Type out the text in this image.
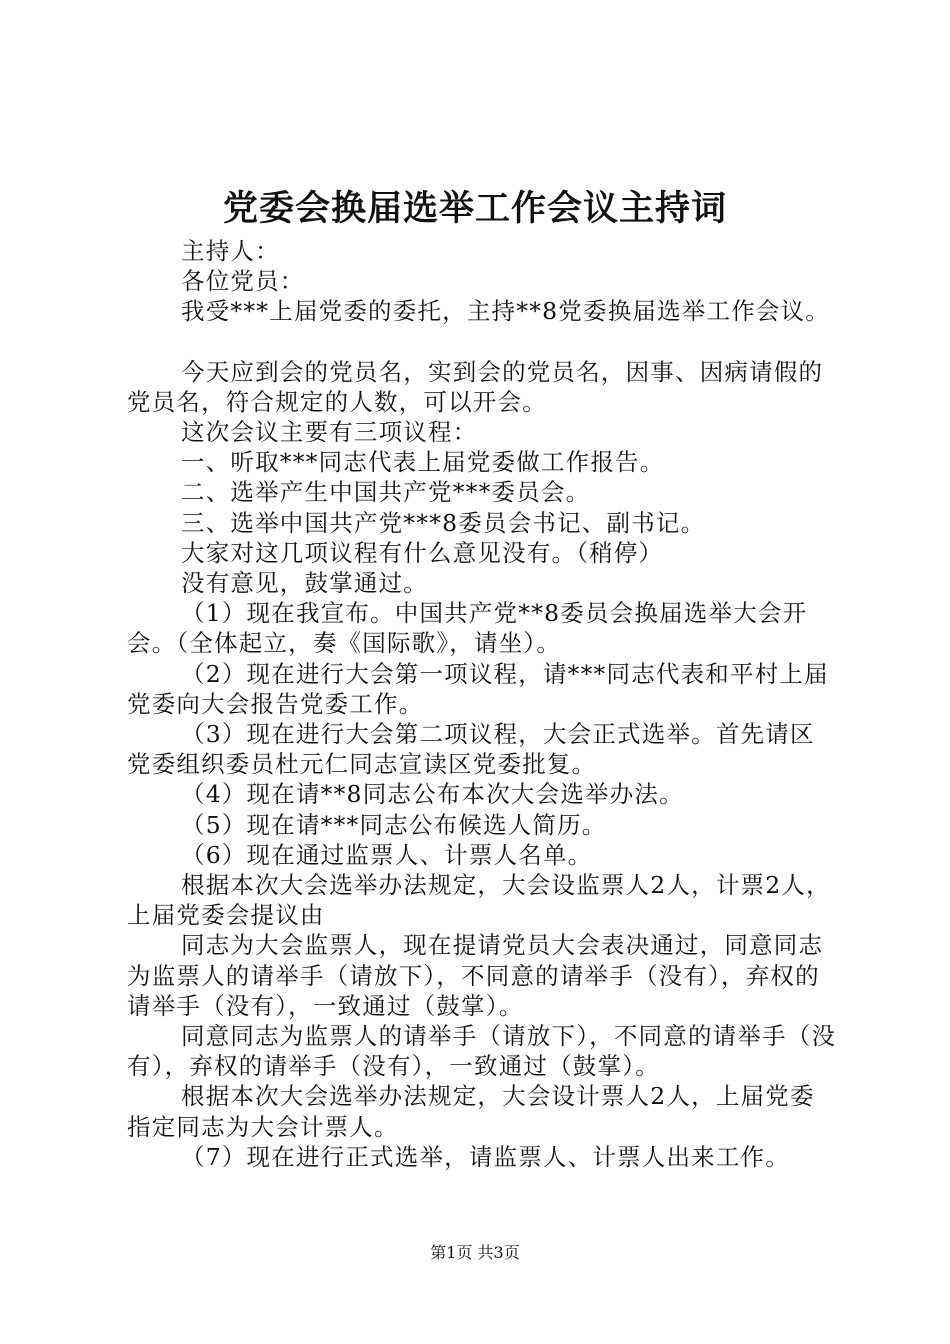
党委会换届选举工作会议主持词

主持人：

各位党员：

我受***上届党委的委托，主持**8党委换届选举工作会议。

今天应到会的党员名，实到会的党员名，因事、因病请假的党员名，符合规定的人数，可以开会。

这次会议主要有三项议程：

一、听取***同志代表上届党委做工作报告。

二、选举产生中国共产党***委员会。

三、选举中国共产党***8委员会书记、副书记。

大家对这几项议程有什么意见没有。（稍停）

没有意见，鼓掌通过。

（1）现在我宣布。中国共产党**8委员会换届选举大会开会。（全体起立，奏《国际歌》，请坐）。

（2）现在进行大会第一项议程，请***同志代表和平村上届党委向大会报告党委工作。

（3）现在进行大会第二项议程，大会正式选举。首先请区党委组织委员杜元仁同志宣读区党委批复。

（4）现在请**8同志公布本次大会选举办法。

（5）现在请***同志公布候选人简历。

（6）现在通过监票人、计票人名单。

根据本次大会选举办法规定，大会设监票人2人，计票2人，上届党委会提议由

同志为大会监票人，现在提请党员大会表决通过，同意同志为监票人的请举手（请放下），不同意的请举手（没有），弃权的请举手（没有），一致通过（鼓掌）。

同意同志为监票人的请举手（请放下），不同意的请举手（没有），弃权的请举手（没有），一致通过（鼓掌）。

根据本次大会选举办法规定，大会设计票人2人，上届党委指定同志为大会计票人。

（7）现在进行正式选举，请监票人、计票人出来工作。

第1页 共3页
